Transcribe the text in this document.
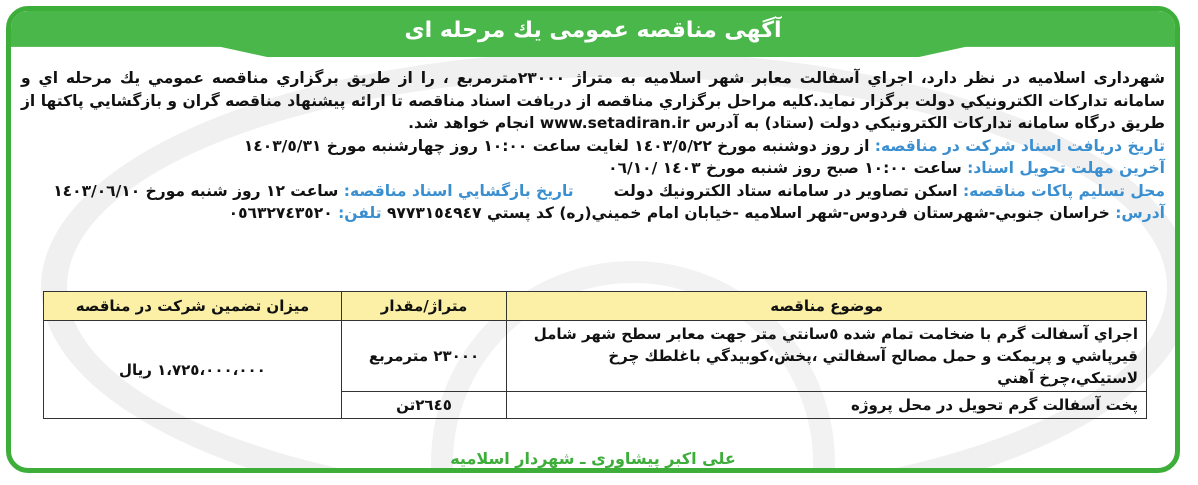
آگهی مناقصه عمومی یك مرحله ای

شهرداری اسلامیه در نظر دارد، اجراي آسفالت معابر شهر اسلامیه به متراژ ٢٣٠٠٠مترمربع ، را از طريق برگزاري مناقصه عمومي يك مرحله اي و سامانه تداركات الكترونيكي دولت برگزار نمايد.كليه مراحل برگزاري مناقصه از دريافت اسناد مناقصه تا ارائه پيشنهاد مناقصه گران و بازگشايي پاكتها از طريق درگاه سامانه تداركات الكترونيكي دولت (ستاد) به آدرس www.setadiran.ir انجام خواهد شد.

تاريخ دريافت اسناد شركت در مناقصه: از روز دوشنبه مورخ ١٤٠٣/٥/٢٢ لغايت ساعت ١٠:٠٠ روز چهارشنبه مورخ ١٤٠٣/٥/٣١

آخرين مهلت تحويل اسناد: ساعت ١٠:٠٠ صبح روز شنبه مورخ ١٤٠٣ /٠٦/١٠

محل تسليم پاكات مناقصه: اسكن تصاوير در سامانه ستاد الكترونيك دولتتاريخ بازگشايي اسناد مناقصه: ساعت ١٢ روز شنبه مورخ ١٤٠٣/٠٦/١٠

آدرس: خراسان جنوبي-شهرستان فردوس-شهر اسلاميه -خيابان امام خميني(ره) كد پستي ٩٧٧٣١٥٤٩٤٧ تلفن: ٠٥٦٣٢٧٤٣٥٢٠

موضوع مناقصه	متراژ/مقدار	ميزان تضمين شركت در مناقصه
اجراي آسفالت گرم با ضخامت تمام شده ٥سانتي متر جهت معابر سطح شهر شامل قيرپاشي و پريمكت و حمل مصالح آسفالتي ،پخش،كوبيدگي باغلطك چرخ لاستيكي،چرخ آهني	٢٣٠٠٠ مترمربع	١،٧٢٥،٠٠٠،٠٠٠ ريال
پخت آسفالت گرم تحويل در محل پروژه	٢٦٤٥تن	
علی اکبر پیشاوری ـ شهردار اسلامیه
